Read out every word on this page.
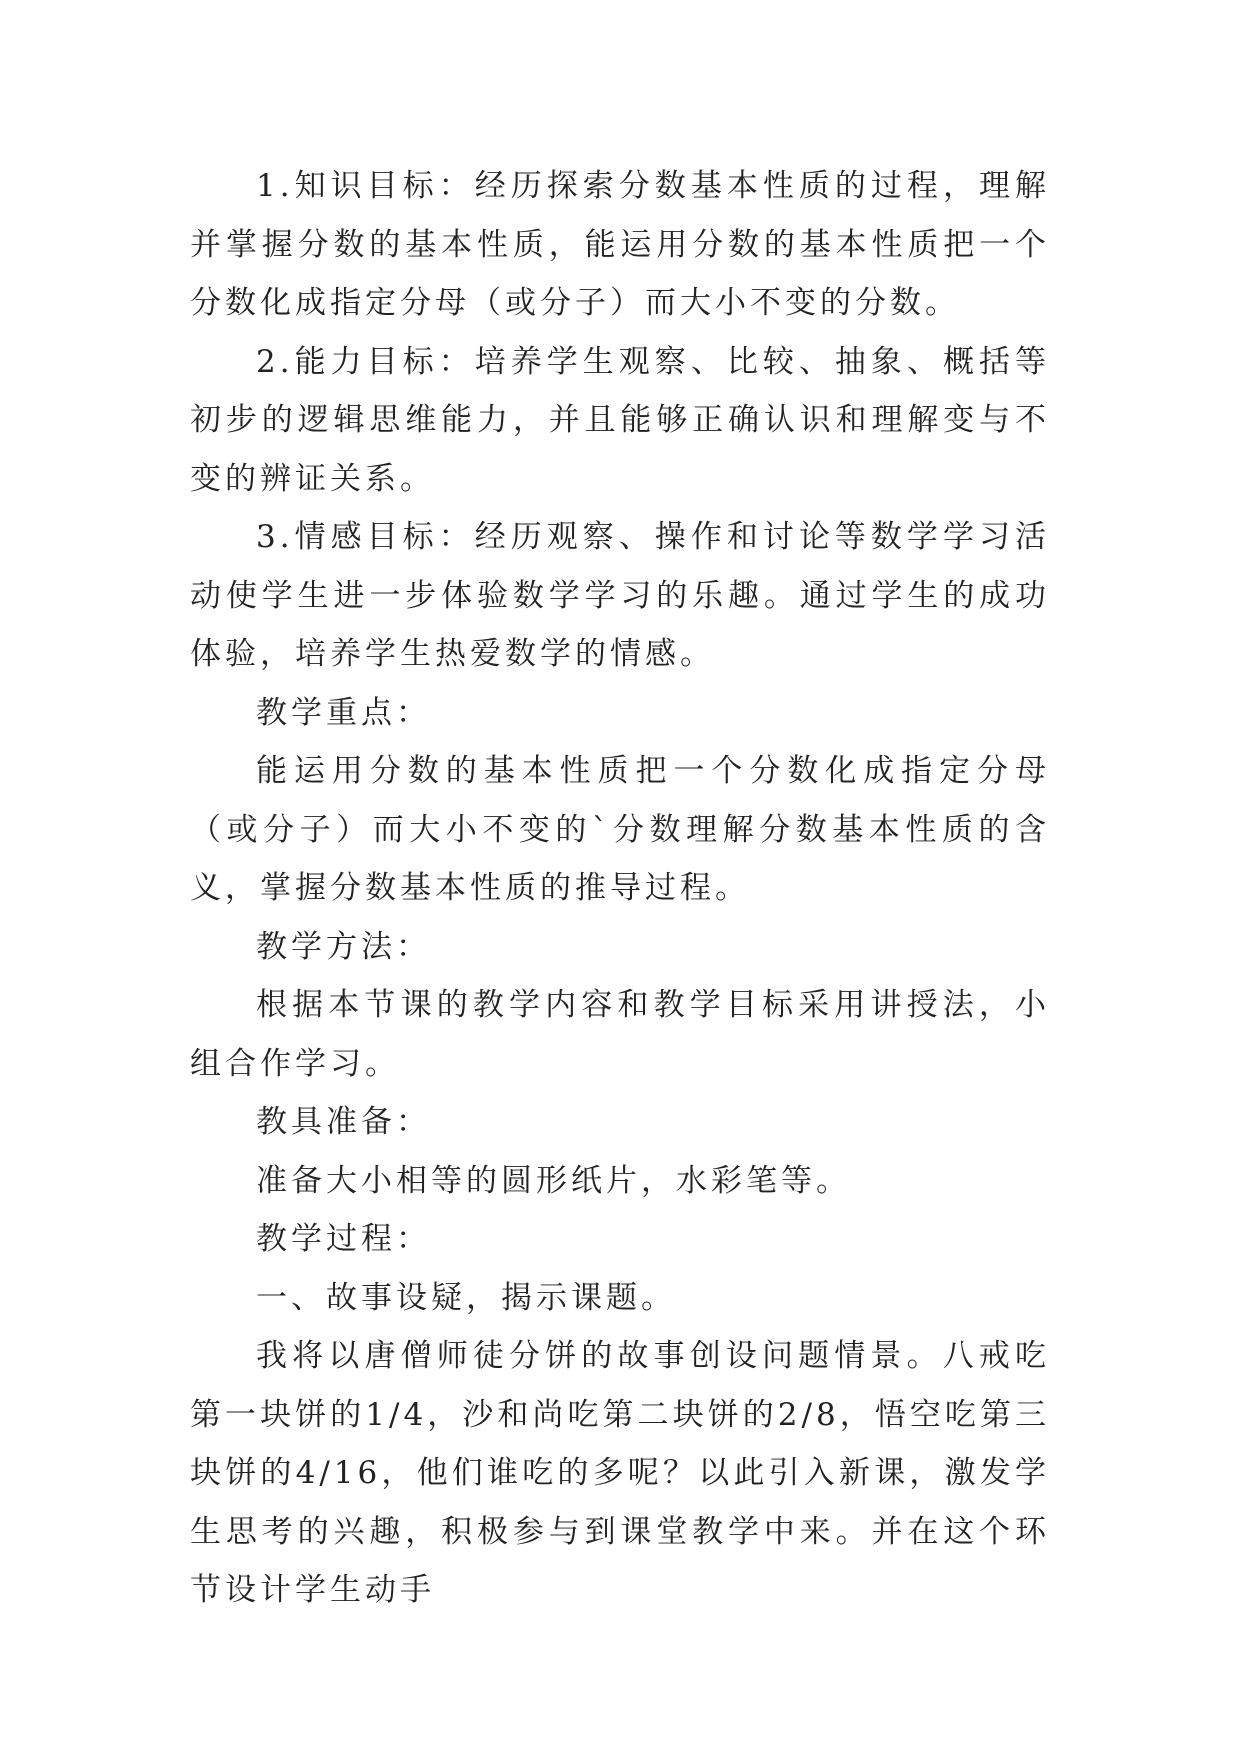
1.知识目标：经历探索分数基本性质的过程，理解并掌握分数的基本性质，能运用分数的基本性质把一个分数化成指定分母（或分子）而大小不变的分数。

2.能力目标：培养学生观察、比较、抽象、概括等初步的逻辑思维能力，并且能够正确认识和理解变与不变的辨证关系。

3.情感目标：经历观察、操作和讨论等数学学习活动使学生进一步体验数学学习的乐趣。通过学生的成功体验，培养学生热爱数学的情感。

教学重点：

能运用分数的基本性质把一个分数化成指定分母（或分子）而大小不变的`分数理解分数基本性质的含义，掌握分数基本性质的推导过程。

教学方法：

根据本节课的教学内容和教学目标采用讲授法，小组合作学习。

教具准备：

准备大小相等的圆形纸片，水彩笔等。

教学过程：

一、故事设疑，揭示课题。

我将以唐僧师徒分饼的故事创设问题情景。八戒吃第一块饼的1/4，沙和尚吃第二块饼的2/8，悟空吃第三块饼的4/16，他们谁吃的多呢？以此引入新课，激发学生思考的兴趣，积极参与到课堂教学中来。并在这个环节设计学生动手
